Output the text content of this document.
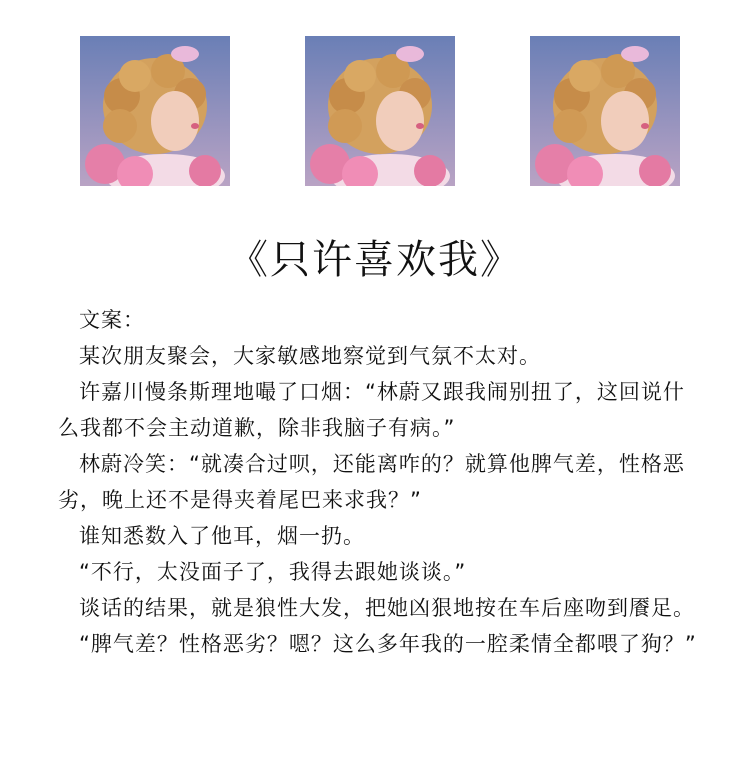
《只许喜欢我》

文案：

某次朋友聚会，大家敏感地察觉到气氛不太对。

许嘉川慢条斯理地嘬了口烟：“林蔚又跟我闹别扭了，这回说什么我都不会主动道歉，除非我脑子有病。”

林蔚冷笑：“就凑合过呗，还能离咋的？就算他脾气差，性格恶劣，晚上还不是得夹着尾巴来求我？”

谁知悉数入了他耳，烟一扔。

“不行，太没面子了，我得去跟她谈谈。”

谈话的结果，就是狼性大发，把她凶狠地按在车后座吻到餍足。

“脾气差？性格恶劣？嗯？这么多年我的一腔柔情全都喂了狗？”
